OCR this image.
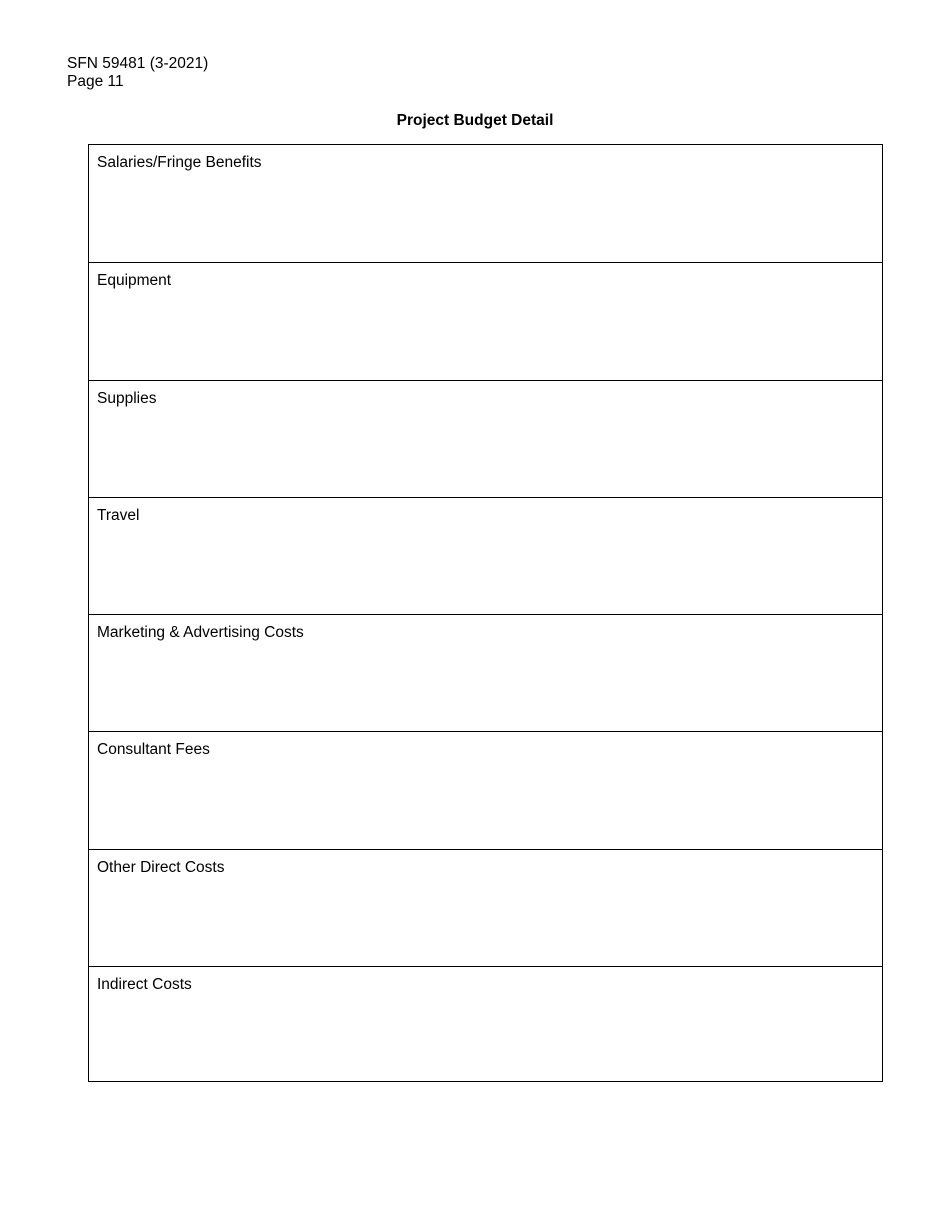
SFN 59481 (3-2021)
Page 11
Project Budget Detail
Salaries/Fringe Benefits
Equipment
Supplies
Travel
Marketing & Advertising Costs
Consultant Fees
Other Direct Costs
Indirect Costs
